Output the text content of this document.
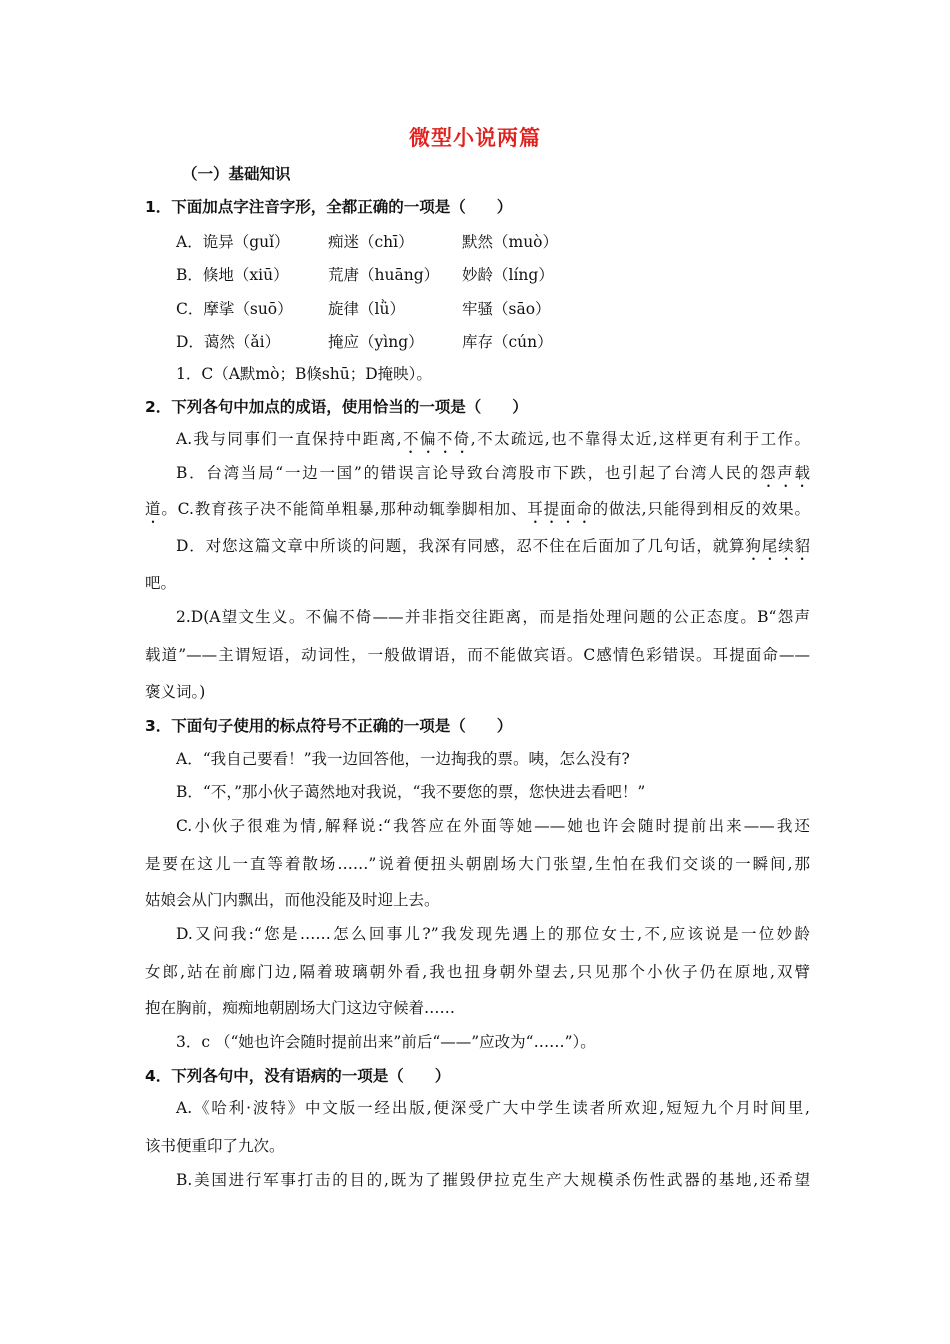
微型小说两篇
（一）基础知识
1．下面加点字注音字形，全都正确的一项是（　　）
A．诡异（guǐ） 痴迷（chī）	默然（muò）
B．倏地（xiū）	荒唐（huāng） 妙龄（líng）
C．摩挲（suō） 旋律（lǜ）	牢骚（sāo）
D．蔼然（ǎi）	掩应（yìng） 库存（cún）
1．C（A默mò；B倏shū；D掩映）。
2．下列各句中加点的成语，使用恰当的一项是（　　）
A.我与同事们一直保持中距离,不偏不倚,不太疏远,也不靠得太近,这样更有利于工作。
B．台湾当局“一边一国”的错误言论导致台湾股市下跌，也引起了台湾人民的怨声载
道。C.教育孩子决不能简单粗暴,那种动辄拳脚相加、耳提面命的做法,只能得到相反的效果。
D．对您这篇文章中所谈的问题，我深有同感，忍不住在后面加了几句话，就算狗尾续貂
吧。
2.D(A望文生义。不偏不倚——并非指交往距离，而是指处理问题的公正态度。B“怨声
载道”——主谓短语，动词性，一般做谓语，而不能做宾语。C感情色彩错误。耳提面命——
褒义词。)
3．下面句子使用的标点符号不正确的一项是（　　）
A．“我自己要看！”我一边回答他，一边掏我的票。咦，怎么没有?
B．“不，”那小伙子蔼然地对我说，“我不要您的票，您快进去看吧！”
C.小伙子很难为情,解释说:“我答应在外面等她——她也许会随时提前出来——我还
是要在这儿一直等着散场……”说着便扭头朝剧场大门张望,生怕在我们交谈的一瞬间,那
姑娘会从门内飘出，而他没能及时迎上去。
D.又问我:“您是……怎么回事儿?”我发现先遇上的那位女士,不,应该说是一位妙龄
女郎,站在前廊门边,隔着玻璃朝外看,我也扭身朝外望去,只见那个小伙子仍在原地,双臂
抱在胸前，痴痴地朝剧场大门这边守候着……
3．c （“她也许会随时提前出来”前后“——”应改为“……”）。
4．下列各句中，没有语病的一项是（　　）
A.《哈利·波特》中文版一经出版,便深受广大中学生读者所欢迎,短短九个月时间里,
该书便重印了九次。
B.美国进行军事打击的目的,既为了摧毁伊拉克生产大规模杀伤性武器的基地,还希望
